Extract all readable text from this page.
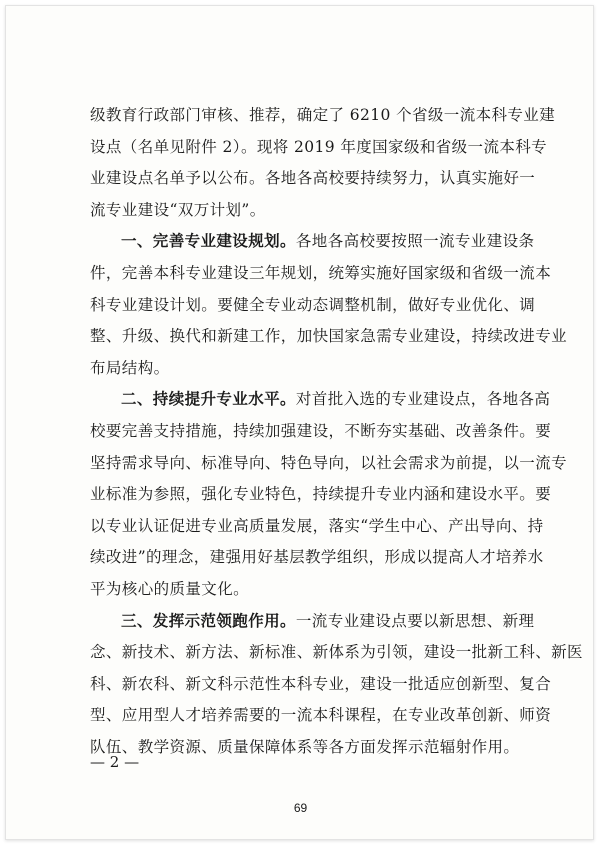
级教育行政部门审核、推荐，确定了 6210 个省级一流本科专业建
设点（名单见附件 2）。现将 2019 年度国家级和省级一流本科专
业建设点名单予以公布。各地各高校要持续努力，认真实施好一
流专业建设“双万计划”。
一、完善专业建设规划。各地各高校要按照一流专业建设条
件，完善本科专业建设三年规划，统筹实施好国家级和省级一流本
科专业建设计划。要健全专业动态调整机制，做好专业优化、调
整、升级、换代和新建工作，加快国家急需专业建设，持续改进专业
布局结构。
二、持续提升专业水平。对首批入选的专业建设点，各地各高
校要完善支持措施，持续加强建设，不断夯实基础、改善条件。要
坚持需求导向、标准导向、特色导向，以社会需求为前提，以一流专
业标准为参照，强化专业特色，持续提升专业内涵和建设水平。要
以专业认证促进专业高质量发展，落实“学生中心、产出导向、持
续改进”的理念，建强用好基层教学组织，形成以提高人才培养水
平为核心的质量文化。
三、发挥示范领跑作用。一流专业建设点要以新思想、新理
念、新技术、新方法、新标准、新体系为引领，建设一批新工科、新医
科、新农科、新文科示范性本科专业，建设一批适应创新型、复合
型、应用型人才培养需要的一流本科课程，在专业改革创新、师资
队伍、教学资源、质量保障体系等各方面发挥示范辐射作用。
— 2 —
69
